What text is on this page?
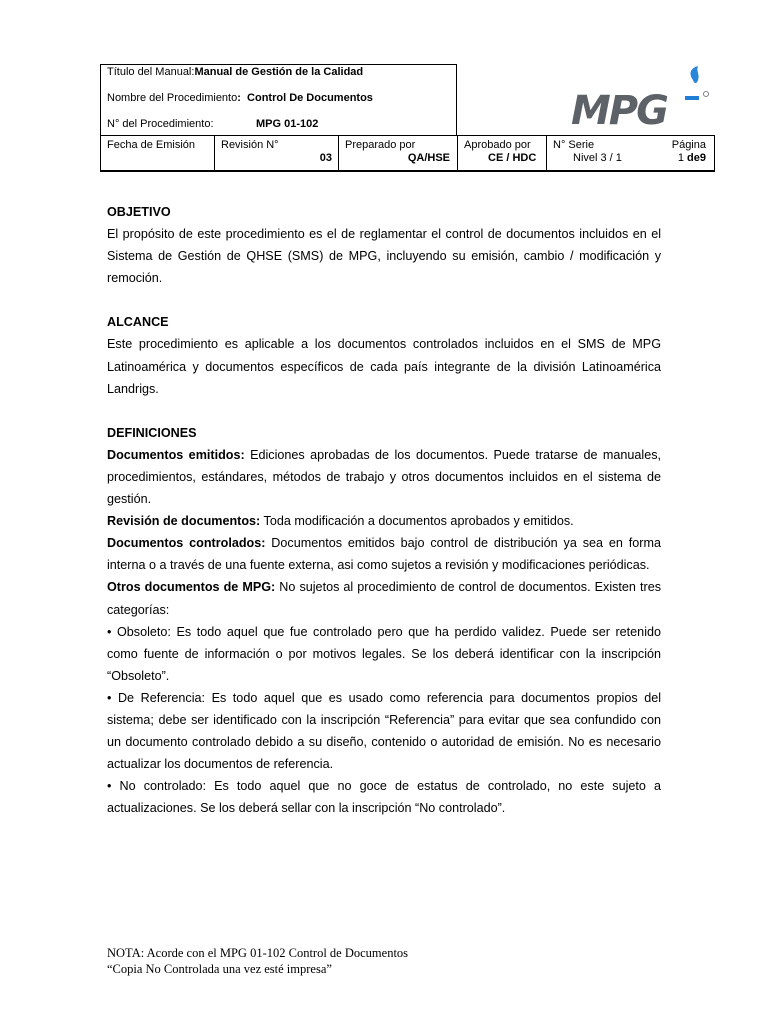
Título del Manual:Manual de Gestión de la Calidad
Nombre del Procedimiento: Control De Documentos
N° del Procedimiento:	MPG 01-102	MPG
Fecha de Emisión Revisión N°
03
Preparado por
QA/HSE
Aprobado por
CE / HDC
N° Serie
Nivel 3 / 1
Página
1 de9

OBJETIVO

El propósito de este procedimiento es el de reglamentar el control de documentos incluidos en el Sistema de Gestión de QHSE (SMS) de MPG, incluyendo su emisión, cambio / modificación y remoción.

ALCANCE

Este procedimiento es aplicable a los documentos controlados incluidos en el SMS de MPG Latinoamérica y documentos específicos de cada país integrante de la división Latinoamérica Landrigs.

DEFINICIONES

Documentos emitidos: Ediciones aprobadas de los documentos. Puede tratarse de manuales, procedimientos, estándares, métodos de trabajo y otros documentos incluidos en el sistema de gestión.

Revisión de documentos: Toda modificación a documentos aprobados y emitidos.

Documentos controlados: Documentos emitidos bajo control de distribución ya sea en forma interna o a través de una fuente externa, asi como sujetos a revisión y modificaciones periódicas.

Otros documentos de MPG: No sujetos al procedimiento de control de documentos. Existen tres categorías:

• Obsoleto: Es todo aquel que fue controlado pero que ha perdido validez. Puede ser retenido como fuente de información o por motivos legales. Se los deberá identificar con la inscripción “Obsoleto”.

• De Referencia: Es todo aquel que es usado como referencia para documentos propios del sistema; debe ser identificado con la inscripción “Referencia” para evitar que sea confundido con un documento controlado debido a su diseño, contenido o autoridad de emisión. No es necesario actualizar los documentos de referencia.

• No controlado: Es todo aquel que no goce de estatus de controlado, no este sujeto a actualizaciones. Se los deberá sellar con la inscripción “No controlado”.

NOTA: Acorde con el MPG 01-102 Control de Documentos
“Copia No Controlada una vez esté impresa”
